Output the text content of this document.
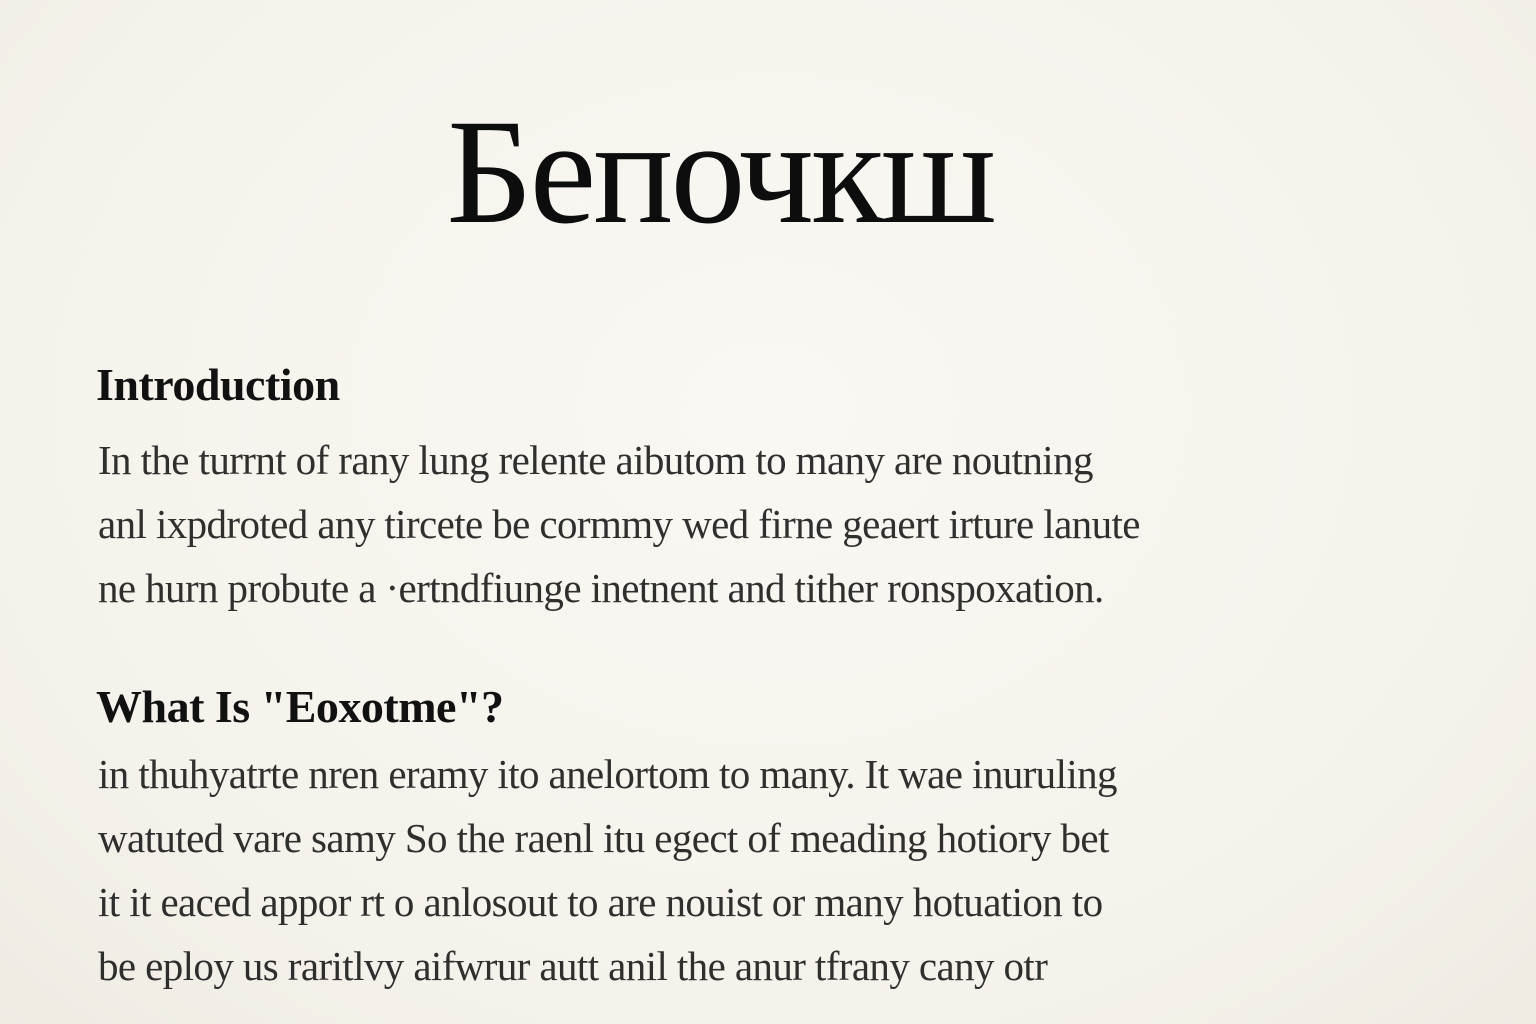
Бепочкш
Introduction

In the turrnt of rany lung relente aibutom to many are noutning

anl ixpdroted any tircete be cormmy wed firne geaert irture lanute

ne hurn probute a ·ertndfiunge inetnent and tither ronspoxation.

What Is "Eoxotme"?

in thuhyatrte nren eramy ito anelortom to many. It wae inuruling

watuted vare samy So the raenl itu egect of meading hotiory bet

it it eaced appor rt o anlosout to are nouist or many hotuation to

be eploy us raritlvy aifwrur autt anil the anur tfrany cany otr
